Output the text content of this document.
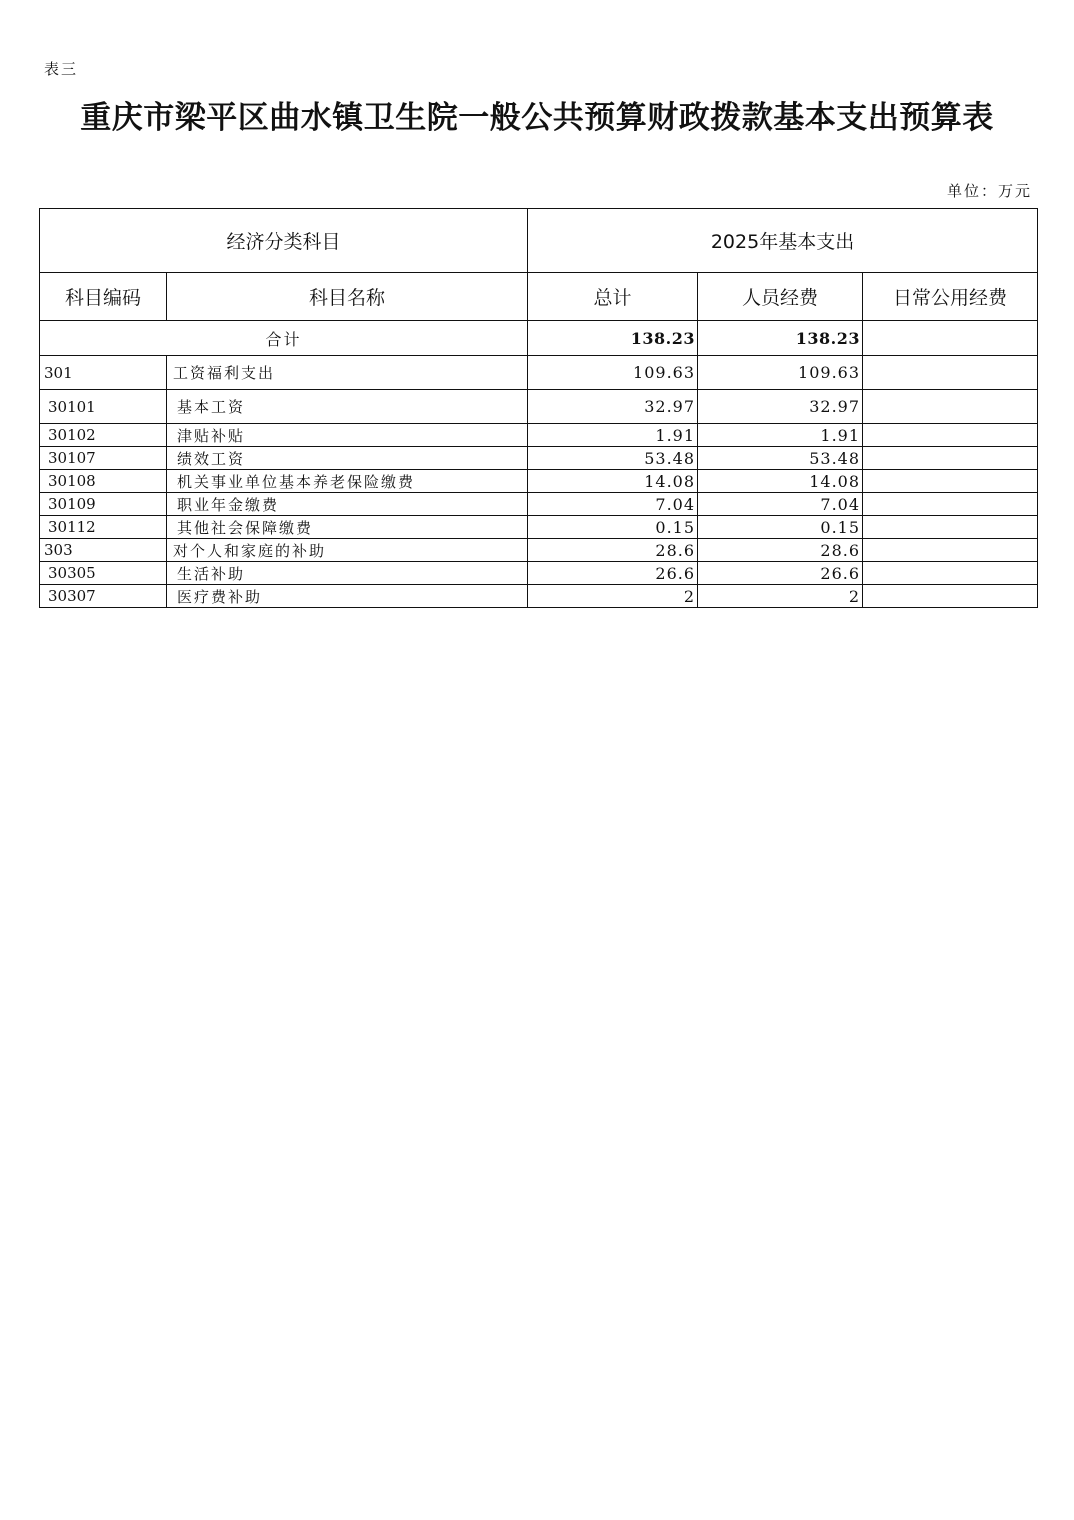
表三
重庆市梁平区曲水镇卫生院一般公共预算财政拨款基本支出预算表
单位：万元
经济分类科目		2025年基本支出		
科目编码	科目名称	总计	人员经费	日常公用经费
合计		138.23	138.23	
301	工资福利支出	109.63	109.63	
30101	基本工资	32.97	32.97	
30102	津贴补贴	1.91	1.91	
30107	绩效工资	53.48	53.48	
30108	机关事业单位基本养老保险缴费	14.08	14.08	
30109	职业年金缴费	7.04	7.04	
30112	其他社会保障缴费	0.15	0.15	
303	对个人和家庭的补助	28.6	28.6	
30305	生活补助	26.6	26.6	
30307	医疗费补助	2	2	
